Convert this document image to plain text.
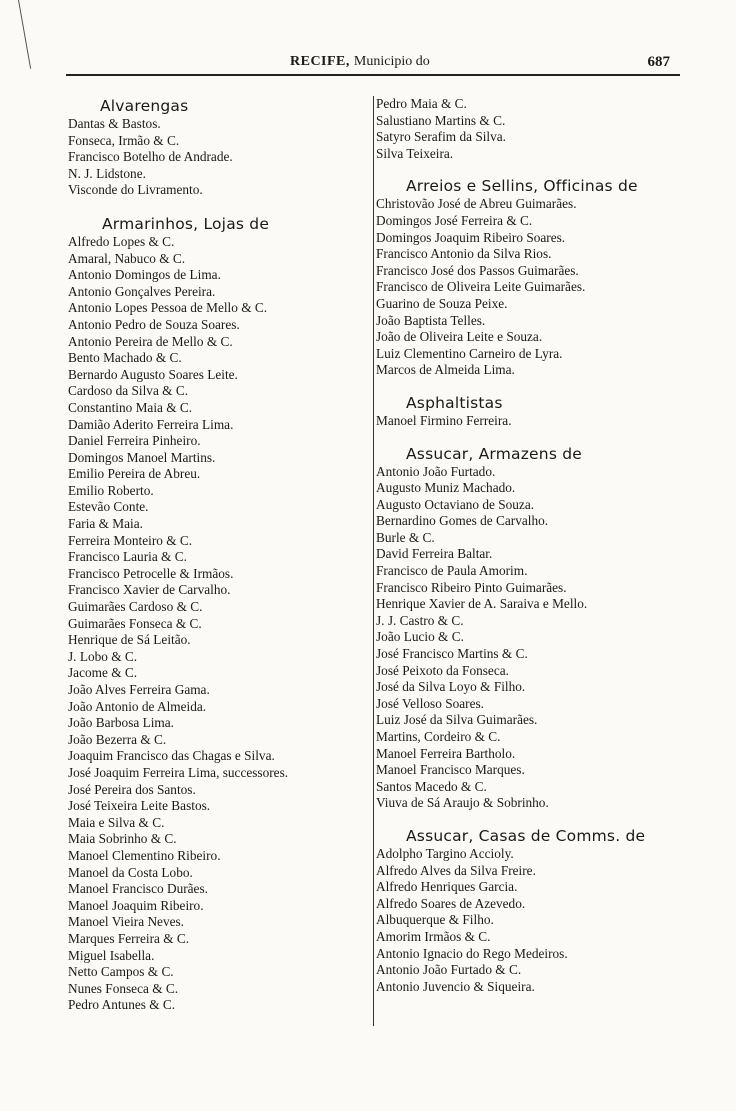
RECIFE, Municipio do	687
Alvarengas
Dantas & Bastos.
Fonseca, Irmão & C.
Francisco Botelho de Andrade.
N. J. Lidstone.
Visconde do Livramento.
Armarinhos, Lojas de
Alfredo Lopes & C.
Amaral, Nabuco & C.
Antonio Domingos de Lima.
Antonio Gonçalves Pereira.
Antonio Lopes Pessoa de Mello & C.
Antonio Pedro de Souza Soares.
Antonio Pereira de Mello & C.
Bento Machado & C.
Bernardo Augusto Soares Leite.
Cardoso da Silva & C.
Constantino Maia & C.
Damião Aderito Ferreira Lima.
Daniel Ferreira Pinheiro.
Domingos Manoel Martins.
Emilio Pereira de Abreu.
Emilio Roberto.
Estevão Conte.
Faria & Maia.
Ferreira Monteiro & C.
Francisco Lauria & C.
Francisco Petrocelle & Irmãos.
Francisco Xavier de Carvalho.
Guimarães Cardoso & C.
Guimarães Fonseca & C.
Henrique de Sá Leitão.
J. Lobo & C.
Jacome & C.
João Alves Ferreira Gama.
João Antonio de Almeida.
João Barbosa Lima.
João Bezerra & C.
Joaquim Francisco das Chagas e Silva.
José Joaquim Ferreira Lima, successores.
José Pereira dos Santos.
José Teixeira Leite Bastos.
Maia e Silva & C.
Maia Sobrinho & C.
Manoel Clementino Ribeiro.
Manoel da Costa Lobo.
Manoel Francisco Durães.
Manoel Joaquim Ribeiro.
Manoel Vieira Neves.
Marques Ferreira & C.
Miguel Isabella.
Netto Campos & C.
Nunes Fonseca & C.
Pedro Antunes & C.
Pedro Maia & C.
Salustiano Martins & C.
Satyro Serafim da Silva.
Silva Teixeira.
Arreios e Sellins, Officinas de
Christovão José de Abreu Guimarães.
Domingos José Ferreira & C.
Domingos Joaquim Ribeiro Soares.
Francisco Antonio da Silva Rios.
Francisco José dos Passos Guimarães.
Francisco de Oliveira Leite Guimarães.
Guarino de Souza Peixe.
João Baptista Telles.
João de Oliveira Leite e Souza.
Luiz Clementino Carneiro de Lyra.
Marcos de Almeida Lima.
Asphaltistas
Manoel Firmino Ferreira.
Assucar, Armazens de
Antonio João Furtado.
Augusto Muniz Machado.
Augusto Octaviano de Souza.
Bernardino Gomes de Carvalho.
Burle & C.
David Ferreira Baltar.
Francisco de Paula Amorim.
Francisco Ribeiro Pinto Guimarães.
Henrique Xavier de A. Saraiva e Mello.
J. J. Castro & C.
João Lucio & C.
José Francisco Martins & C.
José Peixoto da Fonseca.
José da Silva Loyo & Filho.
José Velloso Soares.
Luiz José da Silva Guimarães.
Martins, Cordeiro & C.
Manoel Ferreira Bartholo.
Manoel Francisco Marques.
Santos Macedo & C.
Viuva de Sá Araujo & Sobrinho.
Assucar, Casas de Comms. de
Adolpho Targino Accioly.
Alfredo Alves da Silva Freire.
Alfredo Henriques Garcia.
Alfredo Soares de Azevedo.
Albuquerque & Filho.
Amorim Irmãos & C.
Antonio Ignacio do Rego Medeiros.
Antonio João Furtado & C.
Antonio Juvencio & Siqueira.
